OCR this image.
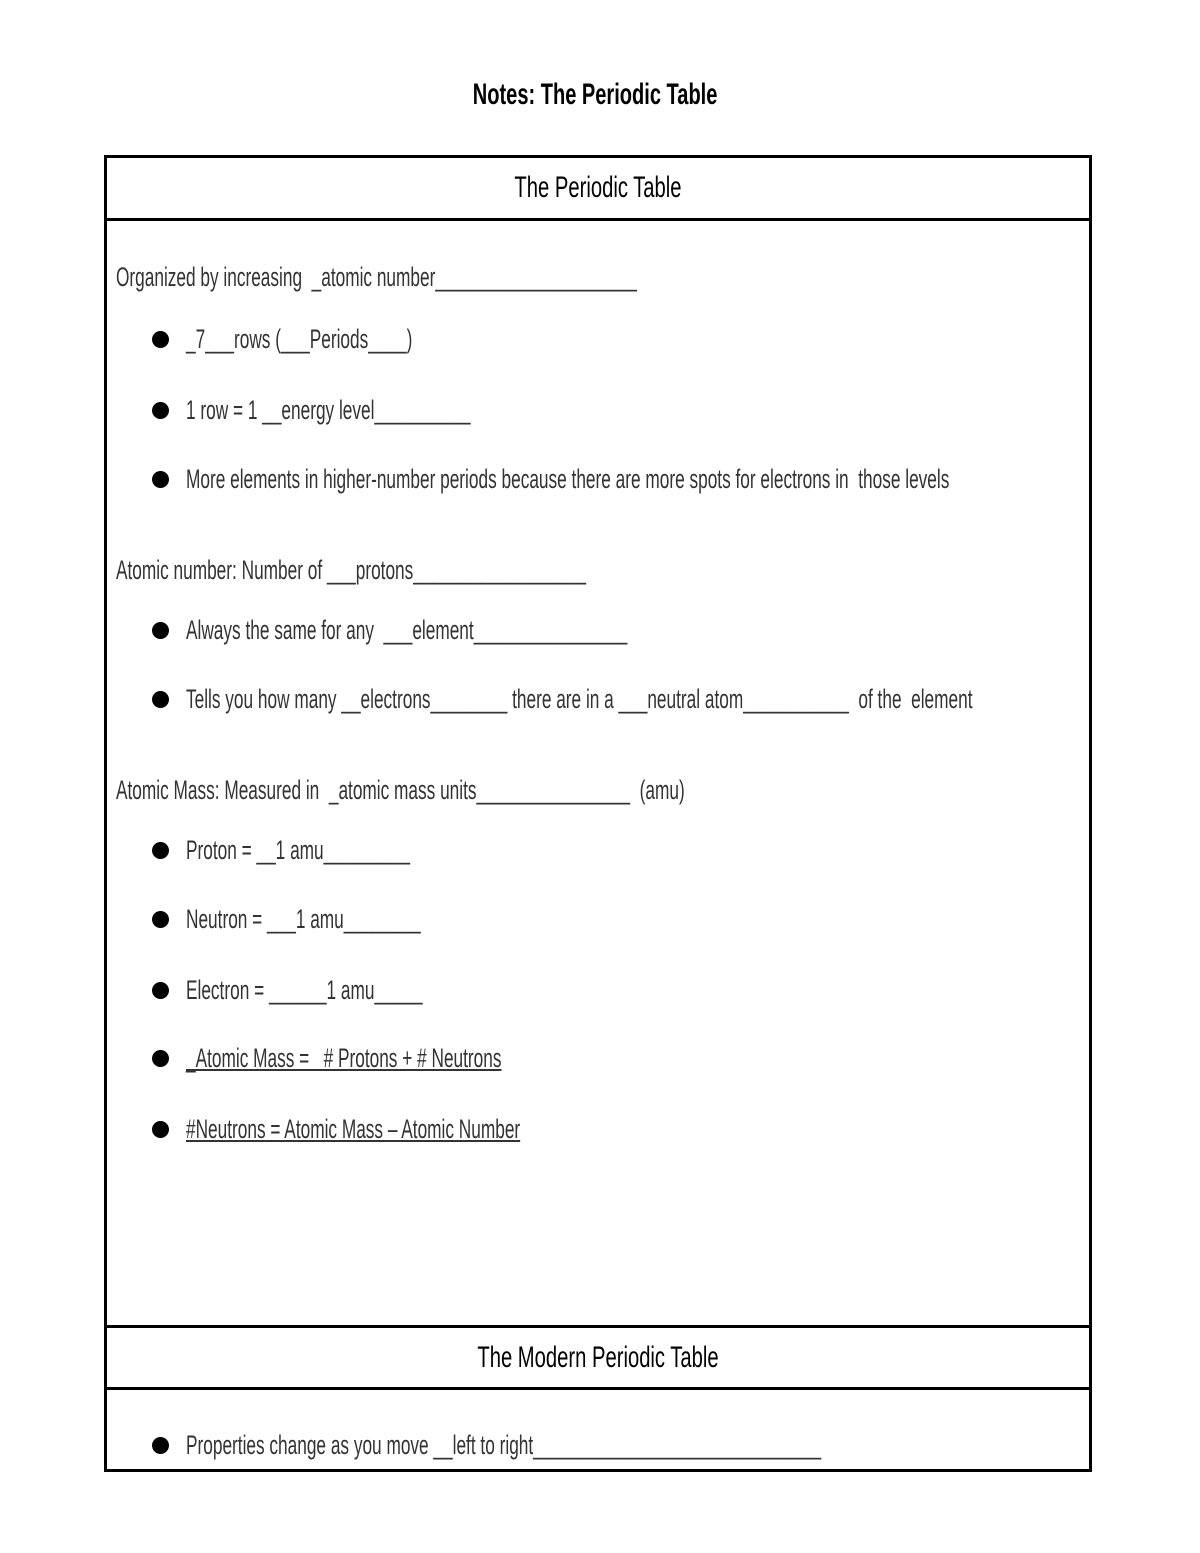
Notes: The Periodic Table
The Periodic Table
Organized by increasing  _atomic number_____________________
_7___rows (___Periods____)
1 row = 1 __energy level__________
More elements in higher-number periods because there are more spots for electrons in  those levels
Atomic number: Number of ___protons__________________
Always the same for any  ___element________________
Tells you how many __electrons________ there are in a ___neutral atom___________  of the  element
Atomic Mass: Measured in  _atomic mass units________________  (amu)
Proton = __1 amu_________
Neutron = ___1 amu________
Electron = ______1 amu_____
_Atomic Mass =   # Protons + # Neutrons
#Neutrons = Atomic Mass – Atomic Number
The Modern Periodic Table
Properties change as you move __left to right______________________________
